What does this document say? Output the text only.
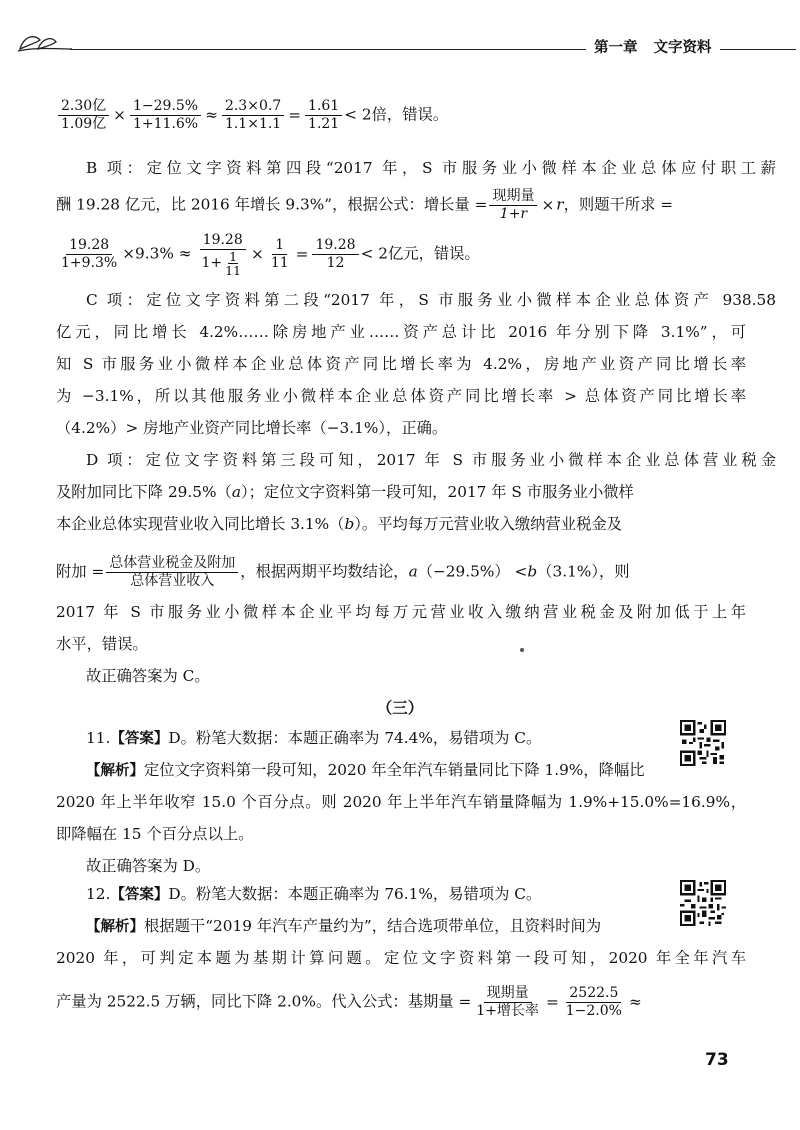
第一章 文字资料
$\frac{\text{2.30亿}}{\text{1.09亿}} \times \frac{1-29.5\%}{1+11.6\%} \approx \frac{2.3\times 0.7}{1.1\times 1.1} = \frac{1.61}{1.21} < 2$倍，错误。
B 项：定位文字资料第四段“2017 年，S 市服务业小微样本企业总体应付职工薪
酬 19.28 亿元，比 2016 年增长 9.3%”，根据公式：增长量 = $\frac{\text{现期量}}{1+r} \times r$，则题干所求 =
$\frac{19.28}{1+9.3\%} \times 9.3\% \approx \frac{19.28}{1+ \frac{1}{11}} \times \frac{1}{11} = \frac{19.28}{12} < 2$亿元，错误。
C 项：定位文字资料第二段“2017 年，S 市服务业小微样本企业总体资产 938.58
亿元，同比增长 4.2%……除房地产业……资产总计比 2016 年分别下降 3.1%”，可
知 S 市服务业小微样本企业总体资产同比增长率为 4.2%，房地产业资产同比增长率
为 −3.1%，所以其他服务业小微样本企业总体资产同比增长率 > 总体资产同比增长率
（4.2%）> 房地产业资产同比增长率（−3.1%），正确。
D 项：定位文字资料第三段可知，2017 年 S 市服务业小微样本企业总体营业税金
及附加同比下降 29.5%（a）；定位文字资料第一段可知，2017 年 S 市服务业小微样
本企业总体实现营业收入同比增长 3.1%（b）。平均每万元营业收入缴纳营业税金及
附加 = $\frac{\text{总体营业税金及附加}}{\text{总体营业收入}}$ ，根据两期平均数结论，a（−29.5%） <b（3.1%），则
2017 年 S 市服务业小微样本企业平均每万元营业收入缴纳营业税金及附加低于上年
水平，错误。
故正确答案为 C。
（三）
11.【答案】D。粉笔大数据：本题正确率为 74.4%，易错项为 C。
【解析】定位文字资料第一段可知，2020 年全年汽车销量同比下降 1.9%，降幅比
2020 年上半年收窄 15.0 个百分点。则 2020 年上半年汽车销量降幅为 1.9%+15.0%=16.9%，
即降幅在 15 个百分点以上。
故正确答案为 D。
12.【答案】D。粉笔大数据：本题正确率为 76.1%，易错项为 C。
【解析】根据题干“2019 年汽车产量约为”，结合选项带单位，且资料时间为
2020 年，可判定本题为基期计算问题。定位文字资料第一段可知，2020 年全年汽车
产量为 2522.5 万辆，同比下降 2.0%。代入公式：基期量 = $\frac{\text{现期量}}{\text{1+增长率}} = \frac{2522.5}{1-2.0\%}$ ≈
73
